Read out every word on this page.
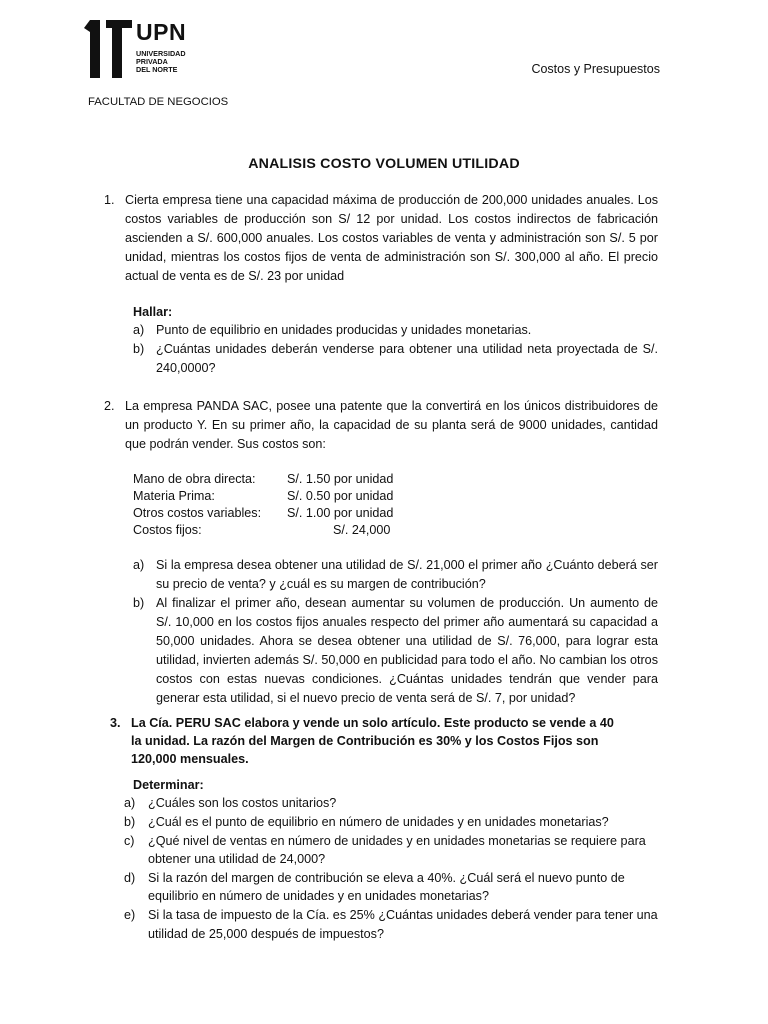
UPN
UNIVERSIDAD
PRIVADA
DEL NORTE	Costos y Presupuestos
FACULTAD DE NEGOCIOS
ANALISIS COSTO VOLUMEN UTILIDAD
1. Cierta empresa tiene una capacidad máxima de producción de 200,000 unidades anuales. Los costos variables de producción son S/ 12 por unidad. Los costos indirectos de fabricación ascienden a S/. 600,000 anuales. Los costos variables de venta y administración son S/. 5 por unidad, mientras los costos fijos de venta de administración son S/. 300,000 al año. El precio actual de venta es de S/. 23 por unidad
Hallar:
a) Punto de equilibrio en unidades producidas y unidades monetarias.
b) ¿Cuántas unidades deberán venderse para obtener una utilidad neta proyectada de S/. 240,0000?
2. La empresa PANDA SAC, posee una patente que la convertirá en los únicos distribuidores de un producto Y. En su primer año, la capacidad de su planta será de 9000 unidades, cantidad que podrán vender. Sus costos son:
Mano de obra directa: S/. 1.50 por unidad
Materia Prima:	S/. 0.50 por unidad
Otros costos variables: S/. 1.00 por unidad
Costos fijos:	S/. 24,000
a) Si la empresa desea obtener una utilidad de S/. 21,000 el primer año ¿Cuánto deberá ser su precio de venta? y ¿cuál es su margen de contribución?
b) Al finalizar el primer año, desean aumentar su volumen de producción. Un aumento de S/. 10,000 en los costos fijos anuales respecto del primer año aumentará su capacidad a 50,000 unidades. Ahora se desea obtener una utilidad de S/. 76,000, para lograr esta utilidad, invierten además S/. 50,000 en publicidad para todo el año. No cambian los otros costos con estas nuevas condiciones. ¿Cuántas unidades tendrán que vender para generar esta utilidad, si el nuevo precio de venta será de S/. 7, por unidad?
3. La Cía. PERU SAC elabora y vende un solo artículo. Este producto se vende a 40
la unidad. La razón del Margen de Contribución es 30% y los Costos Fijos son
120,000 mensuales.
Determinar:
a) ¿Cuáles son los costos unitarios?
b) ¿Cuál es el punto de equilibrio en número de unidades y en unidades monetarias?
c) ¿Qué nivel de ventas en número de unidades y en unidades monetarias se requiere para
obtener una utilidad de 24,000?
d) Si la razón del margen de contribución se eleva a 40%. ¿Cuál será el nuevo punto de
equilibrio en número de unidades y en unidades monetarias?
e) Si la tasa de impuesto de la Cía. es 25% ¿Cuántas unidades deberá vender para tener una
utilidad de 25,000 después de impuestos?
